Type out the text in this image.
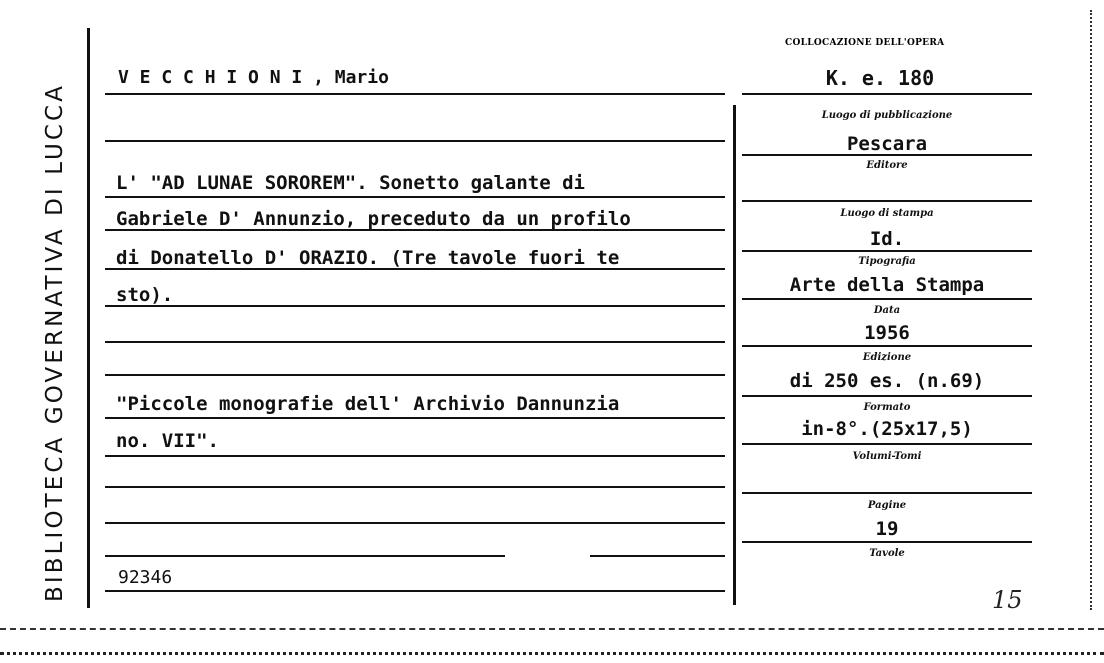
BIBLIOTECA GOVERNATIVA DI LUCCA
COLLOCAZIONE DELL'OPERA
K. e. 180
V E C C H I O N I , Mario
L' "AD LUNAE SOROREM". Sonetto galante di
Gabriele D' Annunzio, preceduto da un profilo
di Donatello D' ORAZIO. (Tre tavole fuori te
sto).
"Piccole monografie dell' Archivio Dannunzia
no. VII".
92346
Luogo di pubblicazione
Pescara
Editore
Luogo di stampa
Id.
Tipografia
Arte della Stampa
Data
1956
Edizione
di 250 es. (n.69)
Formato
in-8°.(25x17,5)
Volumi-Tomi
Pagine
19
Tavole
15
